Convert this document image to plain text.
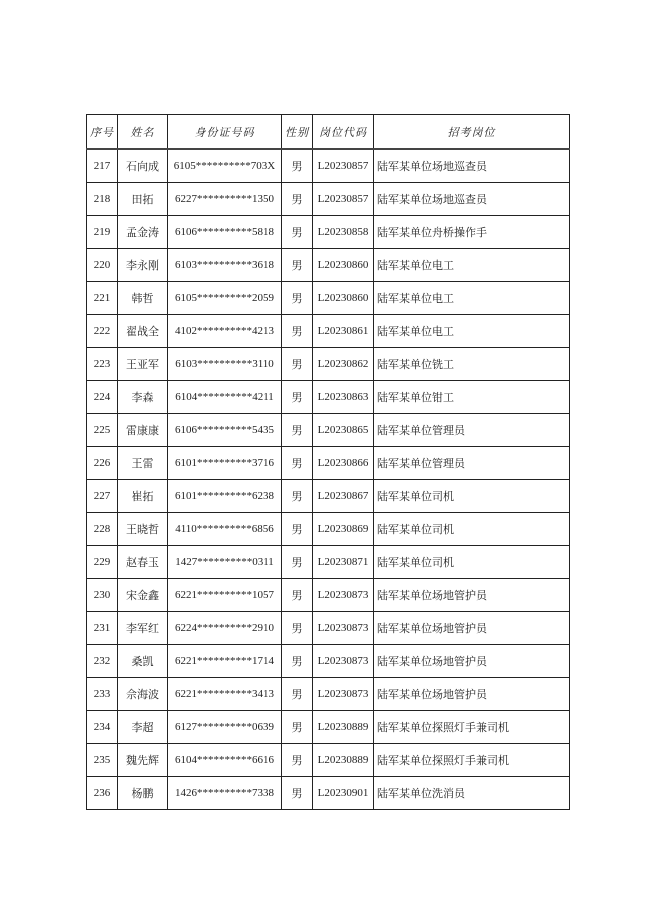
序号	姓名	身份证号码	性别	岗位代码	招考岗位
217	石向成	6105**********703X	男	L20230857	陆军某单位场地巡查员
218	田拓	6227**********1350	男	L20230857	陆军某单位场地巡查员
219	孟金涛	6106**********5818	男	L20230858	陆军某单位舟桥操作手
220	李永刚	6103**********3618	男	L20230860	陆军某单位电工
221	韩哲	6105**********2059	男	L20230860	陆军某单位电工
222	翟战全	4102**********4213	男	L20230861	陆军某单位电工
223	王亚军	6103**********3110	男	L20230862	陆军某单位铣工
224	李森	6104**********4211	男	L20230863	陆军某单位钳工
225	雷康康	6106**********5435	男	L20230865	陆军某单位管理员
226	王雷	6101**********3716	男	L20230866	陆军某单位管理员
227	崔拓	6101**********6238	男	L20230867	陆军某单位司机
228	王晓哲	4110**********6856	男	L20230869	陆军某单位司机
229	赵春玉	1427**********0311	男	L20230871	陆军某单位司机
230	宋金鑫	6221**********1057	男	L20230873	陆军某单位场地管护员
231	李军红	6224**********2910	男	L20230873	陆军某单位场地管护员
232	桑凯	6221**********1714	男	L20230873	陆军某单位场地管护员
233	佘海波	6221**********3413	男	L20230873	陆军某单位场地管护员
234	李超	6127**********0639	男	L20230889	陆军某单位探照灯手兼司机
235	魏先辉	6104**********6616	男	L20230889	陆军某单位探照灯手兼司机
236	杨鹏	1426**********7338	男	L20230901	陆军某单位洗消员
